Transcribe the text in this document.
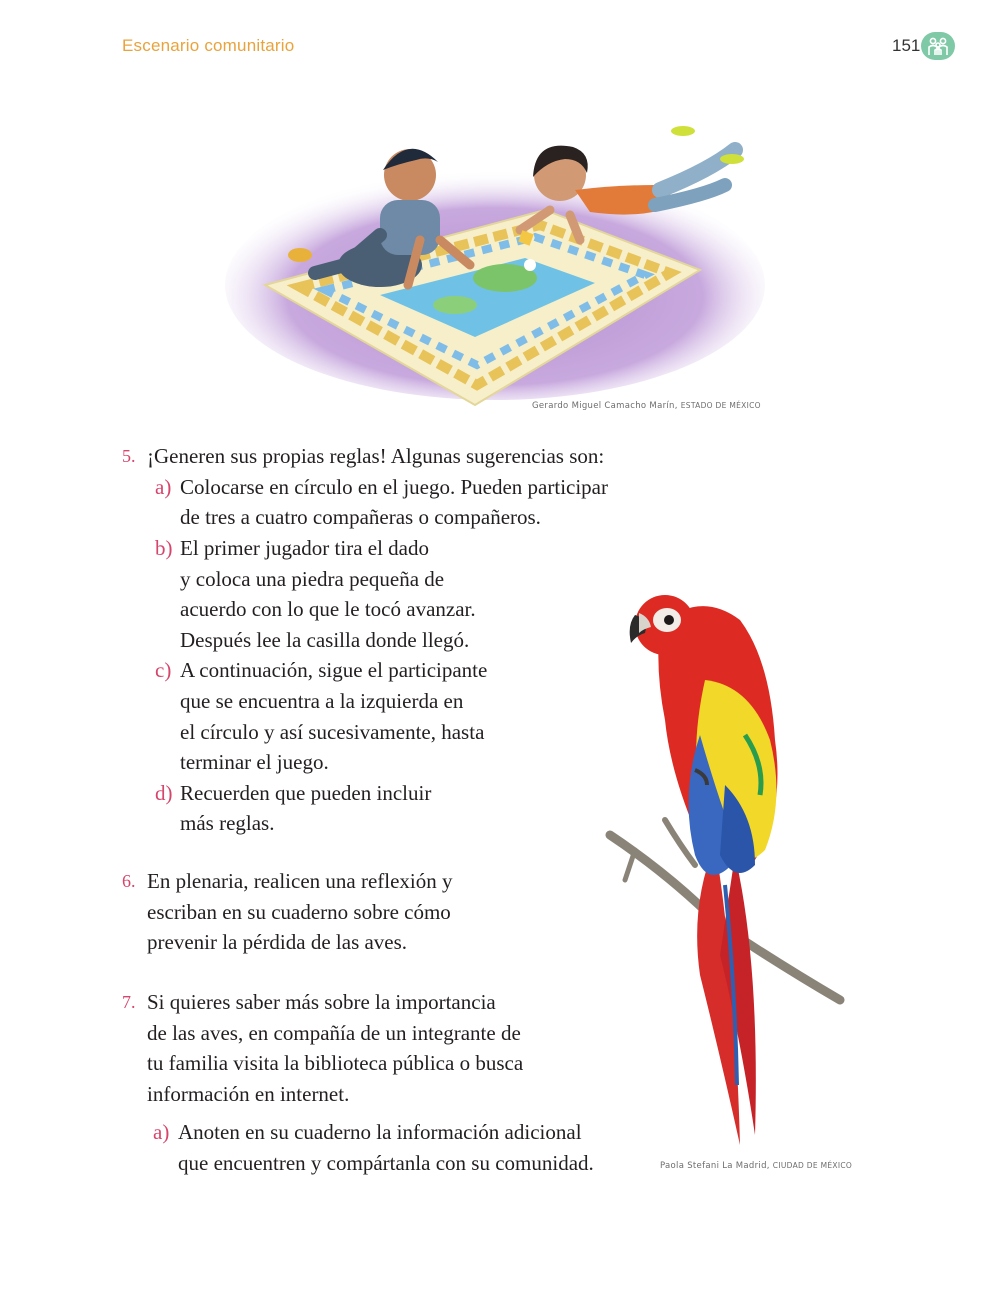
Escenario comunitario	151
Gerardo Miguel Camacho Marín, ESTADO DE MÉXICO
5. ¡Generen sus propias reglas! Algunas sugerencias son:
a) Colocarse en círculo en el juego. Pueden participar
de tres a cuatro compañeras o compañeros.
b) El primer jugador tira el dado
y coloca una piedra pequeña de
acuerdo con lo que le tocó avanzar.
Después lee la casilla donde llegó.
c) A continuación, sigue el participante
que se encuentra a la izquierda en
el círculo y así sucesivamente, hasta
terminar el juego.
d) Recuerden que pueden incluir
más reglas.
6. En plenaria, realicen una reflexión y
escriban en su cuaderno sobre cómo
prevenir la pérdida de las aves.
7. Si quieres saber más sobre la importancia
de las aves, en compañía de un integrante de
tu familia visita la biblioteca pública o busca
información en internet.
a) Anoten en su cuaderno la información adicional
que encuentren y compártanla con su comunidad.	Paola Stefani La Madrid, CIUDAD DE MÉXICO
